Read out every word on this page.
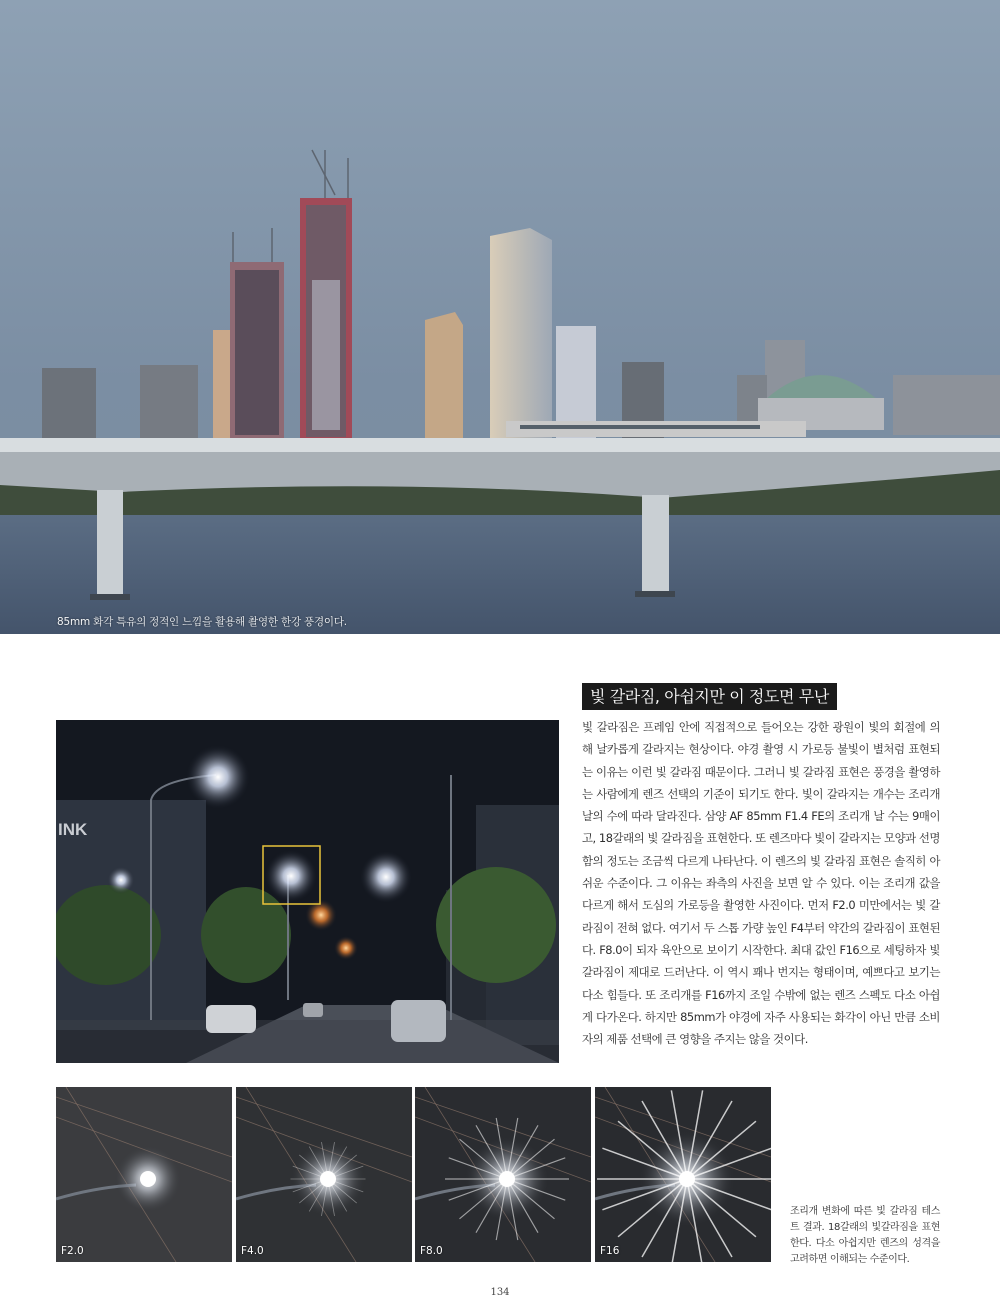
85mm 화각 특유의 정적인 느낌을 활용해 촬영한 한강 풍경이다.
INK
빛 갈라짐, 아쉽지만 이 정도면 무난

빛 갈라짐은 프레임 안에 직접적으로 들어오는 강한 광원이 빛의 회절에 의해 날카롭게 갈라지는 현상이다. 야경 촬영 시 가로등 불빛이 별처럼 표현되는 이유는 이런 빛 갈라짐 때문이다. 그러니 빛 갈라짐 표현은 풍경을 촬영하는 사람에게 렌즈 선택의 기준이 되기도 한다. 빛이 갈라지는 개수는 조리개 날의 수에 따라 달라진다. 삼양 AF 85mm F1.4 FE의 조리개 날 수는 9매이고, 18갈래의 빛 갈라짐을 표현한다. 또 렌즈마다 빛이 갈라지는 모양과 선명함의 정도는 조금씩 다르게 나타난다. 이 렌즈의 빛 갈라짐 표현은 솔직히 아쉬운 수준이다. 그 이유는 좌측의 사진을 보면 알 수 있다. 이는 조리개 값을 다르게 해서 도심의 가로등을 촬영한 사진이다. 먼저 F2.0 미만에서는 빛 갈라짐이 전혀 없다. 여기서 두 스톱 가량 높인 F4부터 약간의 갈라짐이 표현된다. F8.0이 되자 육안으로 보이기 시작한다. 최대 값인 F16으로 세팅하자 빛 갈라짐이 제대로 드러난다. 이 역시 꽤나 번지는 형태이며, 예쁘다고 보기는 다소 힘들다. 또 조리개를 F16까지 조일 수밖에 없는 렌즈 스펙도 다소 아쉽게 다가온다. 하지만 85mm가 야경에 자주 사용되는 화각이 아닌 만큼 소비자의 제품 선택에 큰 영향을 주지는 않을 것이다.

F2.0	F4.0	F8.0	F16

조리개 변화에 따른 빛 갈라짐 테스트 결과. 18갈래의 빛갈라짐을 표현한다. 다소 아쉽지만 렌즈의 성격을 고려하면 이해되는 수준이다.

134
